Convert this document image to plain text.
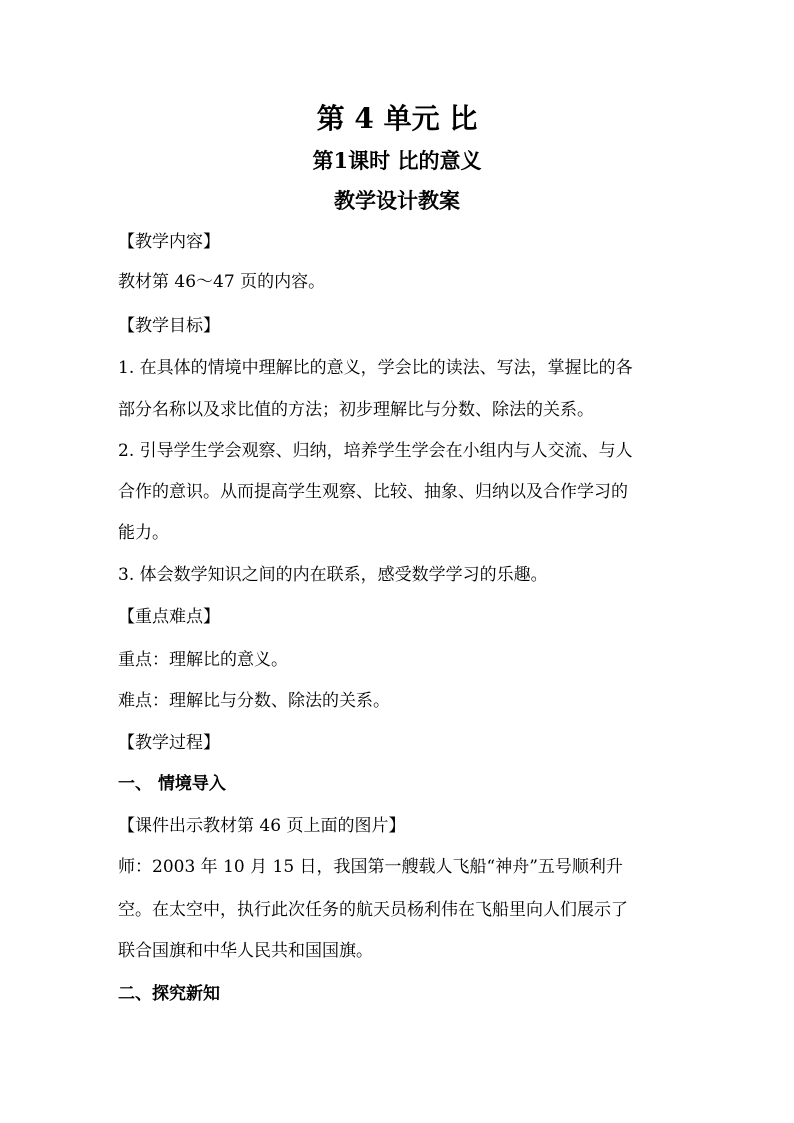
第 4 单元 比
第1课时 比的意义
教学设计教案
【教学内容】
教材第 46～47 页的内容。
【教学目标】
1. 在具体的情境中理解比的意义，学会比的读法、写法，掌握比的各
部分名称以及求比值的方法；初步理解比与分数、除法的关系。
2. 引导学生学会观察、归纳，培养学生学会在小组内与人交流、与人
合作的意识。从而提高学生观察、比较、抽象、归纳以及合作学习的
能力。
3. 体会数学知识之间的内在联系，感受数学学习的乐趣。
【重点难点】
重点：理解比的意义。
难点：理解比与分数、除法的关系。
【教学过程】
一、 情境导入
【课件出示教材第 46 页上面的图片】
师：2003 年 10 月 15 日，我国第一艘载人飞船“神舟”五号顺利升
空。在太空中，执行此次任务的航天员杨利伟在飞船里向人们展示了
联合国旗和中华人民共和国国旗。
二、探究新知
